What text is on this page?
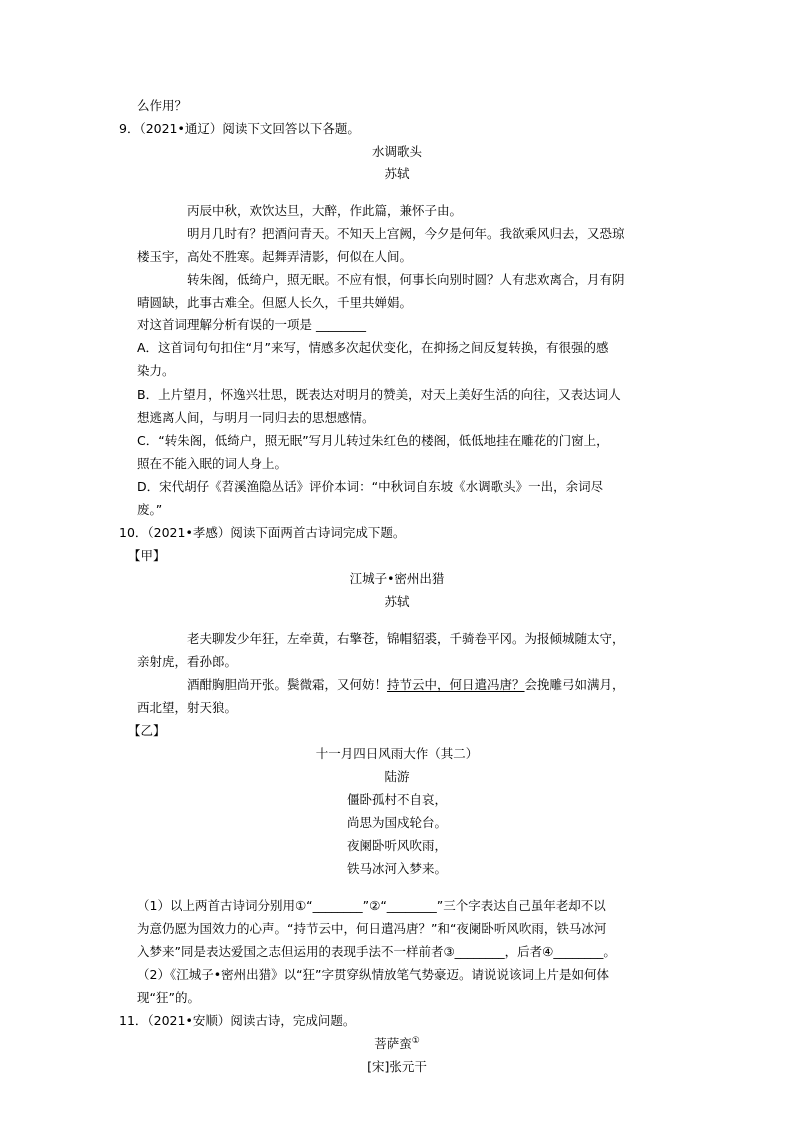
么作用？
9．（2021•通辽）阅读下文回答以下各题。
水调歌头
苏轼
丙辰中秋，欢饮达旦，大醉，作此篇，兼怀子由。
明月几时有？把酒问青天。不知天上宫阙，今夕是何年。我欲乘风归去，又恐琼
楼玉宇，高处不胜寒。起舞弄清影，何似在人间。
转朱阁，低绮户，照无眠。不应有恨，何事长向别时圆？人有悲欢离合，月有阴
晴圆缺，此事古难全。但愿人长久，千里共婵娟。
对这首词理解分析有误的一项是 ________
A．这首词句句扣住“月”来写，情感多次起伏变化，在抑扬之间反复转换，有很强的感
染力。
B．上片望月，怀逸兴壮思，既表达对明月的赞美，对天上美好生活的向往，又表达词人
想逃离人间，与明月一同归去的思想感情。
C．“转朱阁，低绮户，照无眠”写月儿转过朱红色的楼阁，低低地挂在雕花的门窗上，
照在不能入眠的词人身上。
D．宋代胡仔《苕溪渔隐丛话》评价本词：“中秋词自东坡《水调歌头》一出，余词尽
废。”
10．（2021•孝感）阅读下面两首古诗词完成下题。
【甲】
江城子•密州出猎
苏轼
老夫聊发少年狂，左牵黄，右擎苍，锦帽貂裘，千骑卷平冈。为报倾城随太守，
亲射虎，看孙郎。
酒酣胸胆尚开张。鬓微霜，又何妨！持节云中，何日遣冯唐？会挽雕弓如满月，
西北望，射天狼。
【乙】
十一月四日风雨大作（其二）
陆游
僵卧孤村不自哀，
尚思为国戍轮台。
夜阑卧听风吹雨，
铁马冰河入梦来。
（1）以上两首古诗词分别用①“________”②“________”三个字表达自己虽年老却不以
为意仍愿为国效力的心声。“持节云中，何日遣冯唐？”和“夜阑卧听风吹雨，铁马冰河
入梦来”同是表达爱国之志但运用的表现手法不一样前者③________，后者④________。
（2）《江城子•密州出猎》以“狂”字贯穿纵情放笔气势豪迈。请说说该词上片是如何体
现“狂”的。
11．（2021•安顺）阅读古诗，完成问题。
菩萨蛮①
[宋]张元干
